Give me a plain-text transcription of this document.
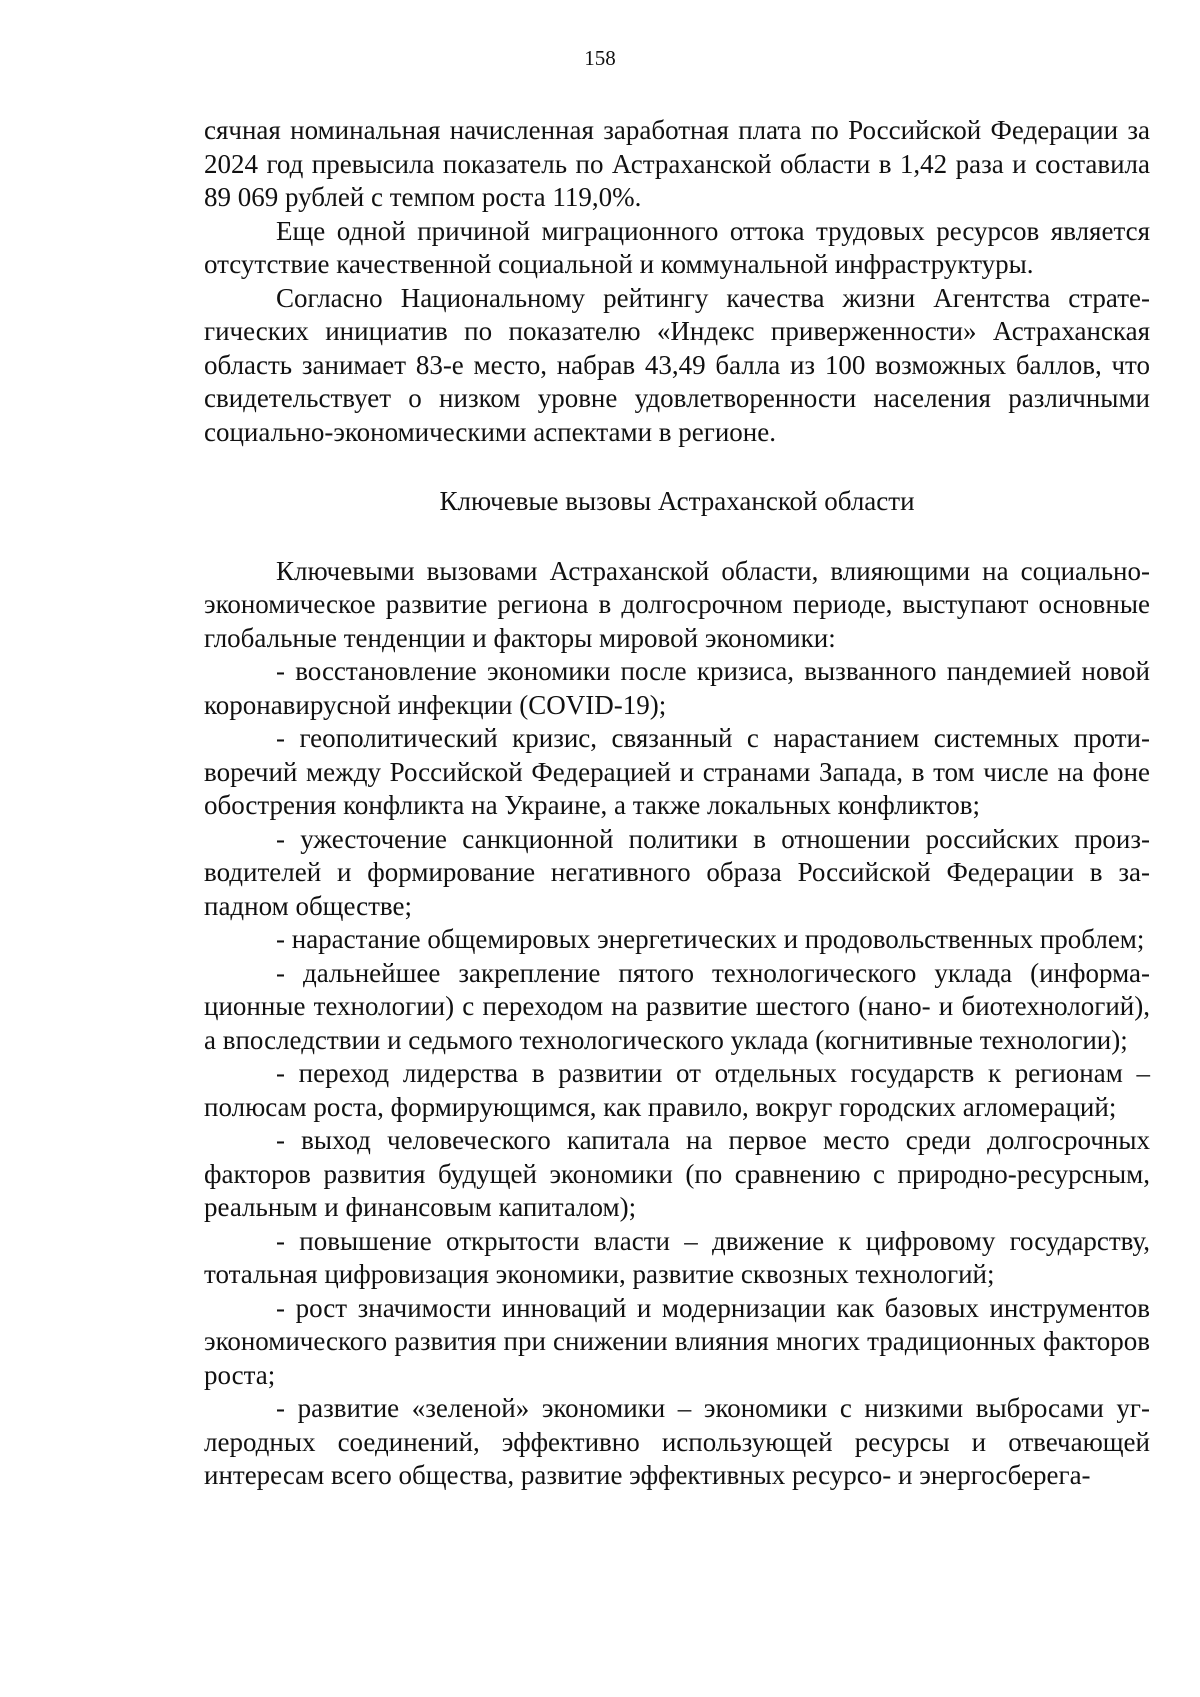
158

сячная номинальная начисленная заработная плата по Российской Федерации за 2024 год превысила показатель по Астраханской области в 1,42 раза и составила 89 069 рублей с темпом роста 119,0%.

Еще одной причиной миграционного оттока трудовых ресурсов является отсутствие качественной социальной и коммунальной инфраструктуры.

Согласно Национальному рейтингу качества жизни Агентства стратегических инициатив по показателю «Индекс приверженности» Астраханская область занимает 83-е место, набрав 43,49 балла из 100 возможных баллов, что свидетельствует о низком уровне удовлетворенности населения различными социально-экономическими аспектами в регионе.

Ключевые вызовы Астраханской области

Ключевыми вызовами Астраханской области, влияющими на социально-экономическое развитие региона в долгосрочном периоде, выступают основные глобальные тенденции и факторы мировой экономики:

- восстановление экономики после кризиса, вызванного пандемией новой коронавирусной инфекции (COVID-19);

- геополитический кризис, связанный с нарастанием системных противоречий между Российской Федерацией и странами Запада, в том числе на фоне обострения конфликта на Украине, а также локальных конфликтов;

- ужесточение санкционной политики в отношении российских производителей и формирование негативного образа Российской Федерации в западном обществе;

- нарастание общемировых энергетических и продовольственных проблем;

- дальнейшее закрепление пятого технологического уклада (информационные технологии) с переходом на развитие шестого (нано- и биотехнологий), а впоследствии и седьмого технологического уклада (когнитивные технологии);

- переход лидерства в развитии от отдельных государств к регионам – полюсам роста, формирующимся, как правило, вокруг городских агломераций;

- выход человеческого капитала на первое место среди долгосрочных факторов развития будущей экономики (по сравнению с природно-ресурсным, реальным и финансовым капиталом);

- повышение открытости власти – движение к цифровому государству, тотальная цифровизация экономики, развитие сквозных технологий;

- рост значимости инноваций и модернизации как базовых инструментов экономического развития при снижении влияния многих традиционных факторов роста;

- развитие «зеленой» экономики – экономики с низкими выбросами углеродных соединений, эффективно использующей ресурсы и отвечающей интересам всего общества, развитие эффективных ресурсо- и энергосберега-
